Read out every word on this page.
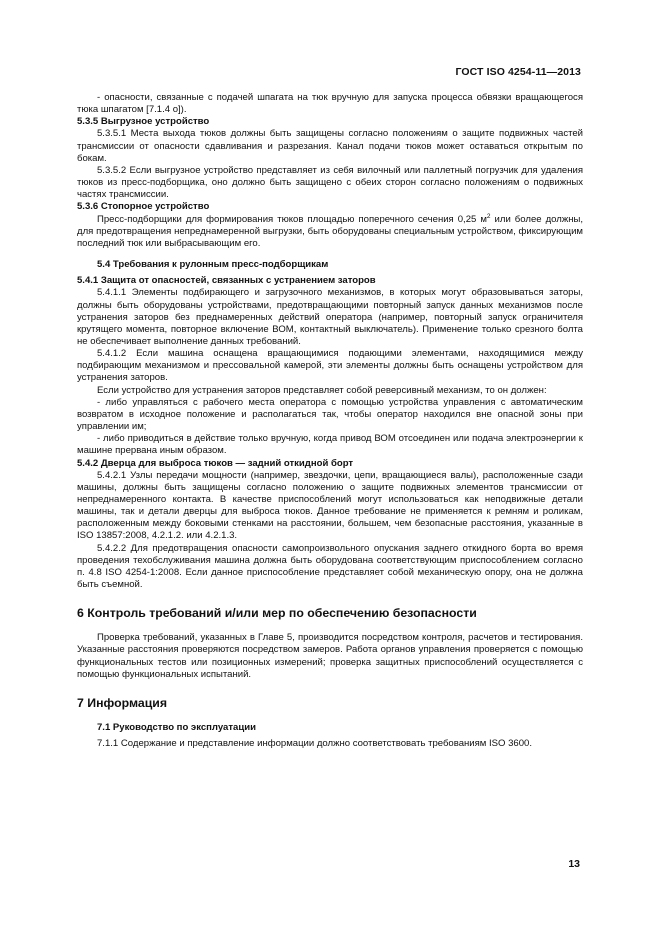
ГОСТ ISO 4254-11—2013

- опасности, связанные с подачей шпагата на тюк вручную для запуска процесса обвязки вращающегося тюка шпагатом [7.1.4 о]).

5.3.5 Выгрузное устройство

5.3.5.1 Места выхода тюков должны быть защищены согласно положениям о защите подвижных частей трансмиссии от опасности сдавливания и разрезания. Канал подачи тюков может оставаться открытым по бокам.

5.3.5.2 Если выгрузное устройство представляет из себя вилочный или паллетный погрузчик для удаления тюков из пресс-подборщика, оно должно быть защищено с обеих сторон согласно положениям о подвижных частях трансмиссии.

5.3.6 Стопорное устройство

Пресс-подборщики для формирования тюков площадью поперечного сечения 0,25 $м^2$ или более должны, для предотвращения непреднамеренной выгрузки, быть оборудованы специальным устройством, фиксирующим последний тюк или выбрасывающим его.

5.4 Требования к рулонным пресс-подборщикам

5.4.1 Защита от опасностей, связанных с устранением заторов

5.4.1.1 Элементы подбирающего и загрузочного механизмов, в которых могут образовываться заторы, должны быть оборудованы устройствами, предотвращающими повторный запуск данных механизмов после устранения заторов без преднамеренных действий оператора (например, повторный запуск ограничителя крутящего момента, повторное включение ВОМ, контактный выключатель). Применение только срезного болта не обеспечивает выполнение данных требований.

5.4.1.2 Если машина оснащена вращающимися подающими элементами, находящимися между подбирающим механизмом и прессовальной камерой, эти элементы должны быть оснащены устройством для устранения заторов.

Если устройство для устранения заторов представляет собой реверсивный механизм, то он должен:

- либо управляться с рабочего места оператора с помощью устройства управления с автоматическим возвратом в исходное положение и располагаться так, чтобы оператор находился вне опасной зоны при управлении им;

- либо приводиться в действие только вручную, когда привод ВОМ отсоединен или подача электроэнергии к машине прервана иным образом.

5.4.2 Дверца для выброса тюков — задний откидной борт

5.4.2.1 Узлы передачи мощности (например, звездочки, цепи, вращающиеся валы), расположенные сзади машины, должны быть защищены согласно положению о защите подвижных элементов трансмиссии от непреднамеренного контакта. В качестве приспособлений могут использоваться как неподвижные детали машины, так и детали дверцы для выброса тюков. Данное требование не применяется к ремням и роликам, расположенным между боковыми стенками на расстоянии, большем, чем безопасные расстояния, указанные в ISO 13857:2008, 4.2.1.2. или 4.2.1.3.

5.4.2.2 Для предотвращения опасности самопроизвольного опускания заднего откидного борта во время проведения техобслуживания машина должна быть оборудована соответствующим приспособлением согласно п. 4.8 ISO 4254-1:2008. Если данное приспособление представляет собой механическую опору, она не должна быть съемной.

6 Контроль требований и/или мер по обеспечению безопасности

Проверка требований, указанных в Главе 5, производится посредством контроля, расчетов и тестирования. Указанные расстояния проверяются посредством замеров. Работа органов управления проверяется с помощью функциональных тестов или позиционных измерений; проверка защитных приспособлений осуществляется с помощью функциональных испытаний.

7 Информация

7.1 Руководство по эксплуатации

7.1.1 Содержание и представление информации должно соответствовать требованиям ISO 3600.

13
